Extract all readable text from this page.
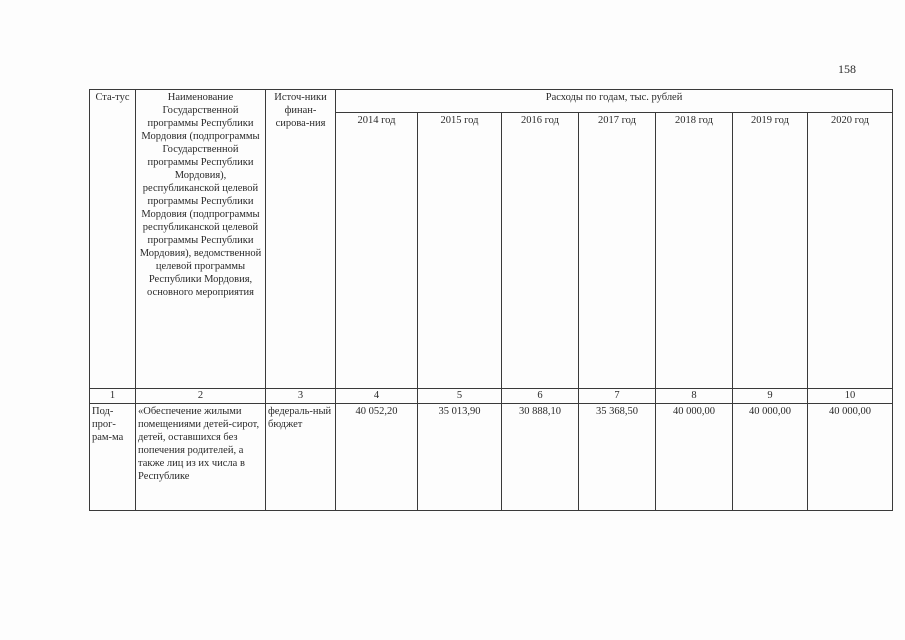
158
Ста-тус	Наименование Государственной программы Республики Мордовия (подпрограммы Государственной программы Республики Мордовия), республиканской целевой программы Республики Мордовия (подпрограммы республиканской целевой программы Республики Мордовия), ведомственной целевой программы Республики Мордовия, основного мероприятия	Источ-ники финан-сирова-ния	Расходы по годам, тыс. рублей						
			2014 год	2015 год	2016 год	2017 год	2018 год	2019 год	2020 год
1	2	3	4	5	6	7	8	9	10
Под-прог-рам-ма	«Обеспечение жилыми помещениями детей-сирот, детей, оставшихся без попечения родителей, а также лиц из их числа в Республике	федераль-ный бюджет	40 052,20	35 013,90	30 888,10	35 368,50	40 000,00	40 000,00	40 000,00
